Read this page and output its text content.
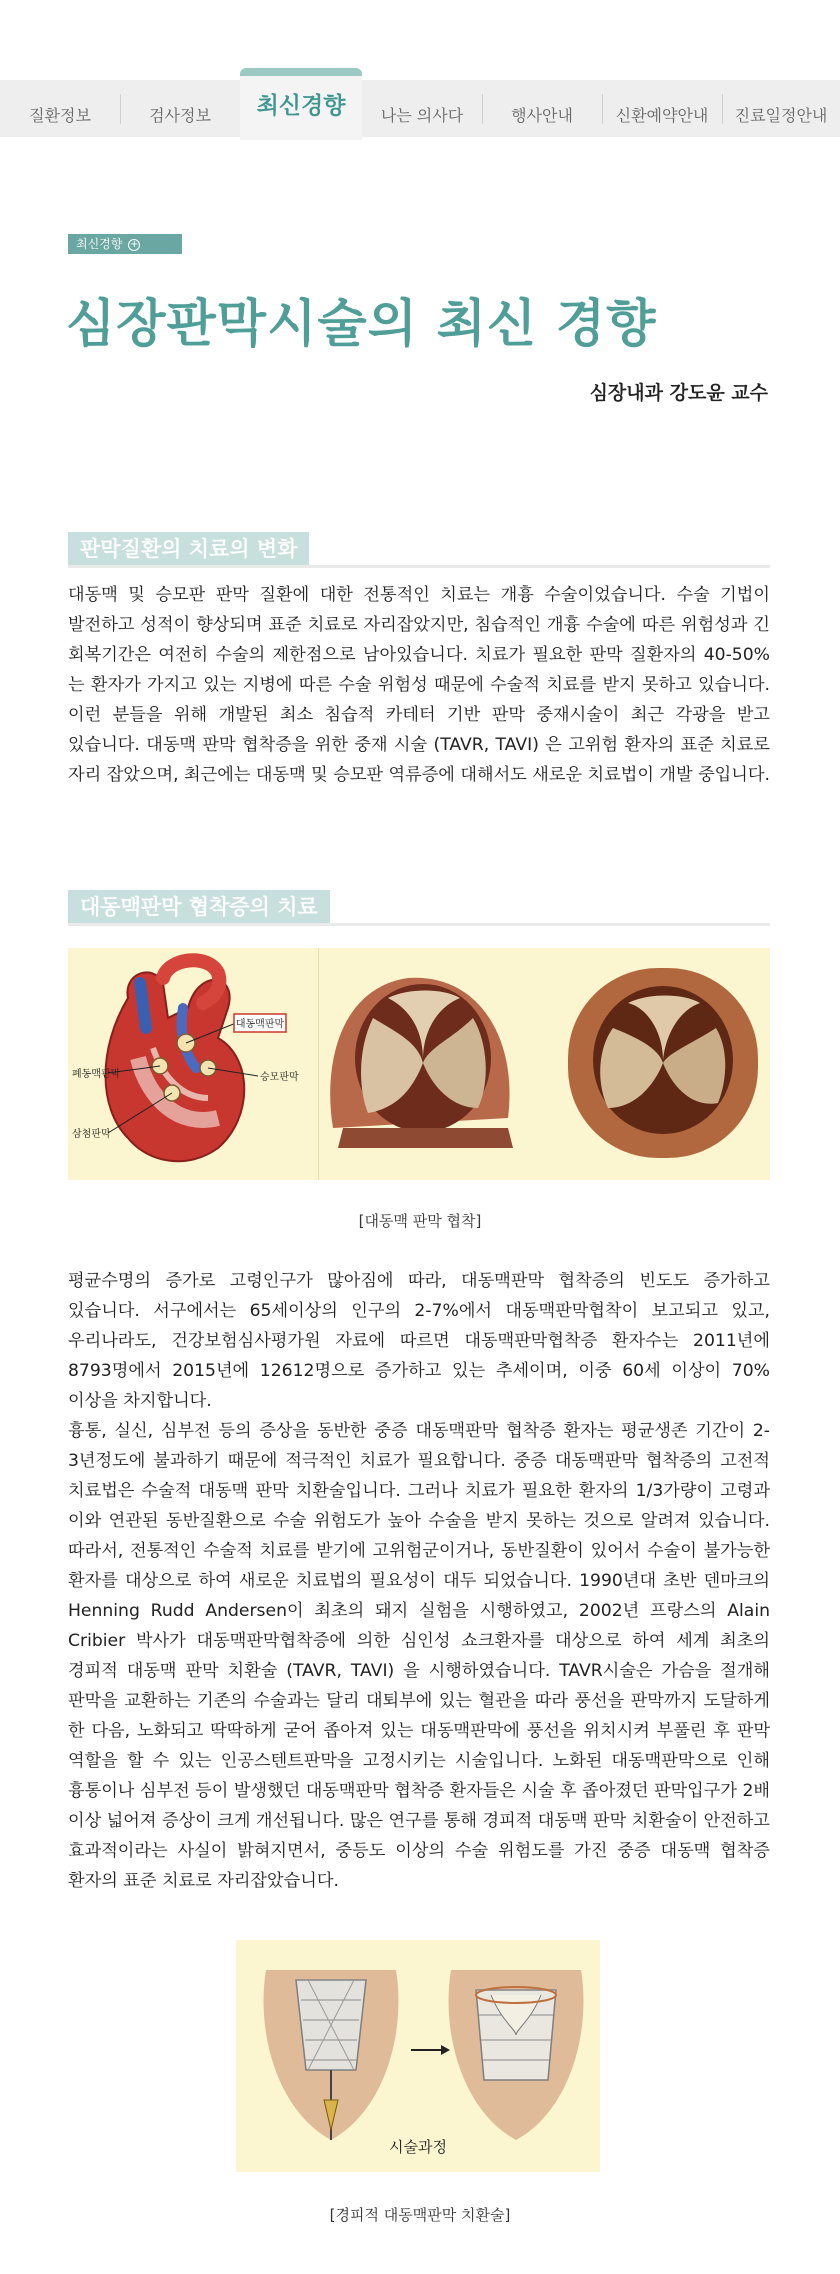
질환정보	검사정보	나는 의사다	행사안내	신환예약안내	진료일정안내
최신경향
최신경향 +
심장판막시술의 최신 경향
심장내과 강도윤 교수
판막질환의 치료의 변화
대동맥 및 승모판 판막 질환에 대한 전통적인 치료는 개흉 수술이었습니다. 수술 기법이 발전하고 성적이 향상되며 표준 치료로 자리잡았지만, 침습적인 개흉 수술에 따른 위험성과 긴 회복기간은 여전히 수술의 제한점으로 남아있습니다. 치료가 필요한 판막 질환자의 40-50% 는 환자가 가지고 있는 지병에 따른 수술 위험성 때문에 수술적 치료를 받지 못하고 있습니다. 이런 분들을 위해 개발된 최소 침습적 카테터 기반 판막 중재시술이 최근 각광을 받고 있습니다. 대동맥 판막 협착증을 위한 중재 시술 (TAVR, TAVI) 은 고위험 환자의 표준 치료로 자리 잡았으며, 최근에는 대동맥 및 승모판 역류증에 대해서도 새로운 치료법이 개발 중입니다.
대동맥판막 협착증의 치료
대동맥판막
승모판막
폐동맥판막
삼첨판막
[대동맥 판막 협착]
평균수명의 증가로 고령인구가 많아짐에 따라, 대동맥판막 협착증의 빈도도 증가하고 있습니다. 서구에서는 65세이상의 인구의 2-7%에서 대동맥판막협착이 보고되고 있고, 우리나라도, 건강보험심사평가원 자료에 따르면 대동맥판막협착증 환자수는 2011년에 8793명에서 2015년에 12612명으로 증가하고 있는 추세이며, 이중 60세 이상이 70%이상을 차지합니다.
흉통, 실신, 심부전 등의 증상을 동반한 중증 대동맥판막 협착증 환자는 평균생존 기간이 2-3년정도에 불과하기 때문에 적극적인 치료가 필요합니다. 중증 대동맥판막 협착증의 고전적 치료법은 수술적 대동맥 판막 치환술입니다. 그러나 치료가 필요한 환자의 1/3가량이 고령과 이와 연관된 동반질환으로 수술 위험도가 높아 수술을 받지 못하는 것으로 알려져 있습니다. 따라서, 전통적인 수술적 치료를 받기에 고위험군이거나, 동반질환이 있어서 수술이 불가능한 환자를 대상으로 하여 새로운 치료법의 필요성이 대두 되었습니다. 1990년대 초반 덴마크의 Henning Rudd Andersen이 최초의 돼지 실험을 시행하였고, 2002년 프랑스의 Alain Cribier 박사가 대동맥판막협착증에 의한 심인성 쇼크환자를 대상으로 하여 세계 최초의 경피적 대동맥 판막 치환술 (TAVR, TAVI) 을 시행하였습니다. TAVR시술은 가슴을 절개해 판막을 교환하는 기존의 수술과는 달리 대퇴부에 있는 혈관을 따라 풍선을 판막까지 도달하게 한 다음, 노화되고 딱딱하게 굳어 좁아져 있는 대동맥판막에 풍선을 위치시켜 부풀린 후 판막 역할을 할 수 있는 인공스텐트판막을 고정시키는 시술입니다. 노화된 대동맥판막으로 인해 흉통이나 심부전 등이 발생했던 대동맥판막 협착증 환자들은 시술 후 좁아졌던 판막입구가 2배 이상 넓어져 증상이 크게 개선됩니다. 많은 연구를 통해 경피적 대동맥 판막 치환술이 안전하고 효과적이라는 사실이 밝혀지면서, 중등도 이상의 수술 위험도를 가진 중증 대동맥 협착증 환자의 표준 치료로 자리잡았습니다.
시술과정
[경피적 대동맥판막 치환술]
